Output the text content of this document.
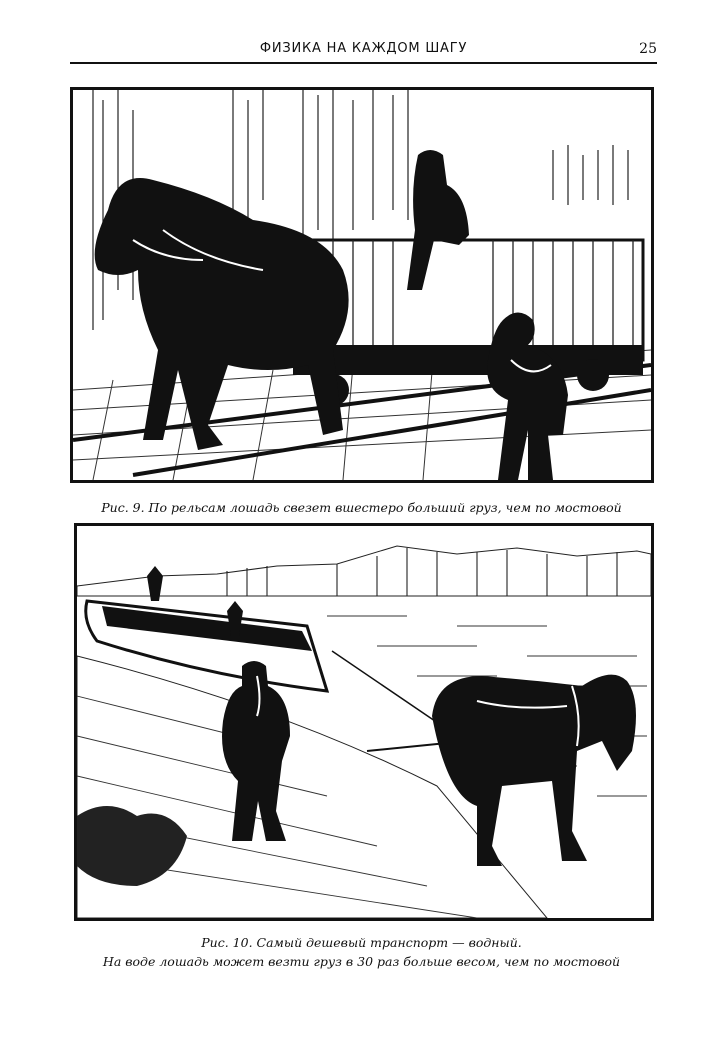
ФИЗИКА НА КАЖДОМ ШАГУ	25
Рис. 9. По рельсам лошадь свезет вшестеро больший груз, чем по мостовой
Рис. 10. Самый дешевый транспорт — водный.
На воде лошадь может везти груз в 30 раз больше весом, чем по мостовой
